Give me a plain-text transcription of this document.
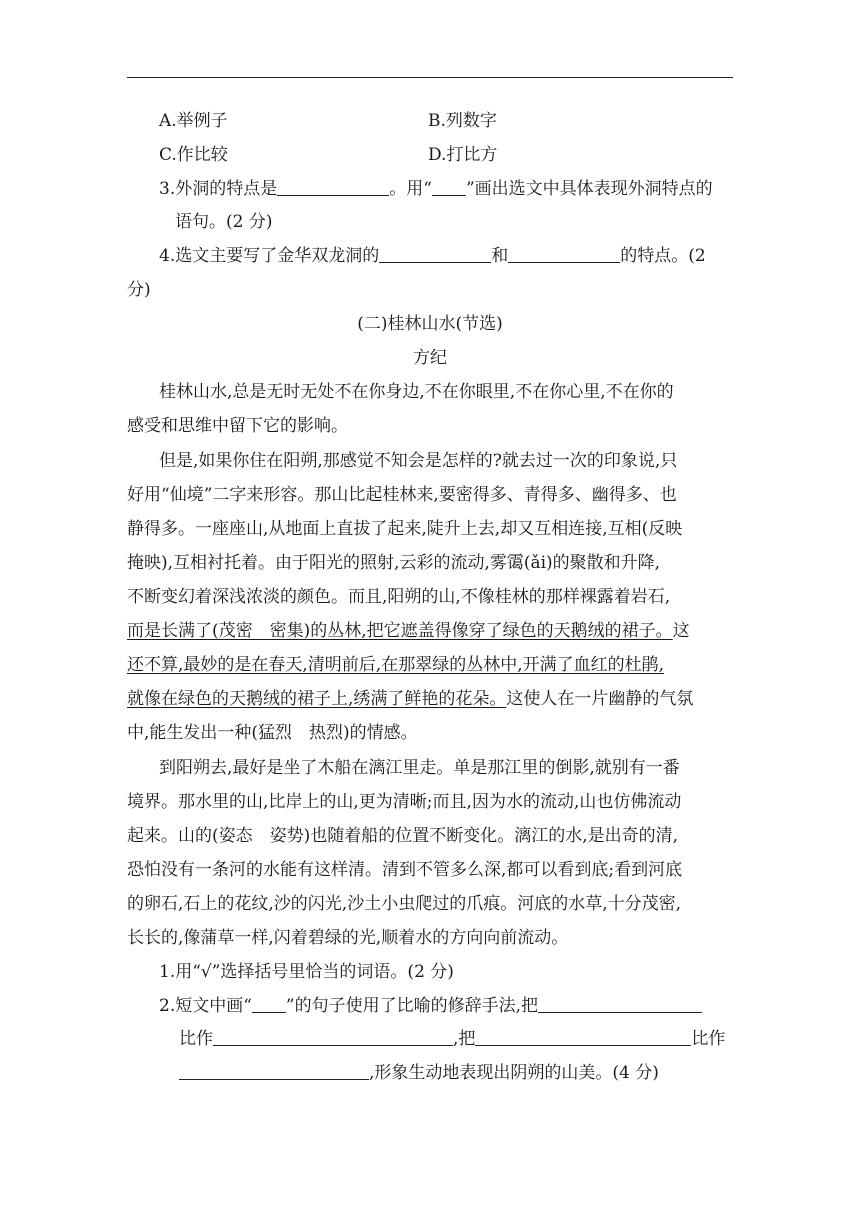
A.举例子	B.列数字
C.作比较	D.打比方
3.外洞的特点是	。用“ ”画出选文中具体表现外洞特点的
语句。(2 分)
4.选文主要写了金华双龙洞的	和	的特点。(2
分)
(二)桂林山水(节选)
方纪
桂林山水,总是无时无处不在你身边,不在你眼里,不在你心里,不在你的
感受和思维中留下它的影响。
但是,如果你住在阳朔,那感觉不知会是怎样的?就去过一次的印象说,只
好用“仙境”二字来形容。那山比起桂林来,要密得多、青得多、幽得多、也
静得多。一座座山,从地面上直拔了起来,陡升上去,却又互相连接,互相(反映
掩映),互相衬托着。由于阳光的照射,云彩的流动,雾霭(ǎi)的聚散和升降,
不断变幻着深浅浓淡的颜色。而且,阳朔的山,不像桂林的那样裸露着岩石,
而是长满了(茂密　密集)的丛林,把它遮盖得像穿了绿色的天鹅绒的裙子。这
还不算,最妙的是在春天,清明前后,在那翠绿的丛林中,开满了血红的杜鹃,
就像在绿色的天鹅绒的裙子上,绣满了鲜艳的花朵。这使人在一片幽静的气氛
中,能生发出一种(猛烈　热烈)的情感。
到阳朔去,最好是坐了木船在漓江里走。单是那江里的倒影,就别有一番
境界。那水里的山,比岸上的山,更为清晰;而且,因为水的流动,山也仿佛流动
起来。山的(姿态　姿势)也随着船的位置不断变化。漓江的水,是出奇的清,
恐怕没有一条河的水能有这样清。清到不管多么深,都可以看到底;看到河底
的卵石,石上的花纹,沙的闪光,沙土小虫爬过的爪痕。河底的水草,十分茂密,
长长的,像蒲草一样,闪着碧绿的光,顺着水的方向向前流动。
1.用“√”选择括号里恰当的词语。(2 分)
2.短文中画“ ”的句子使用了比喻的修辞手法,把
比作	,把	比作
,形象生动地表现出阴朔的山美。(4 分)
